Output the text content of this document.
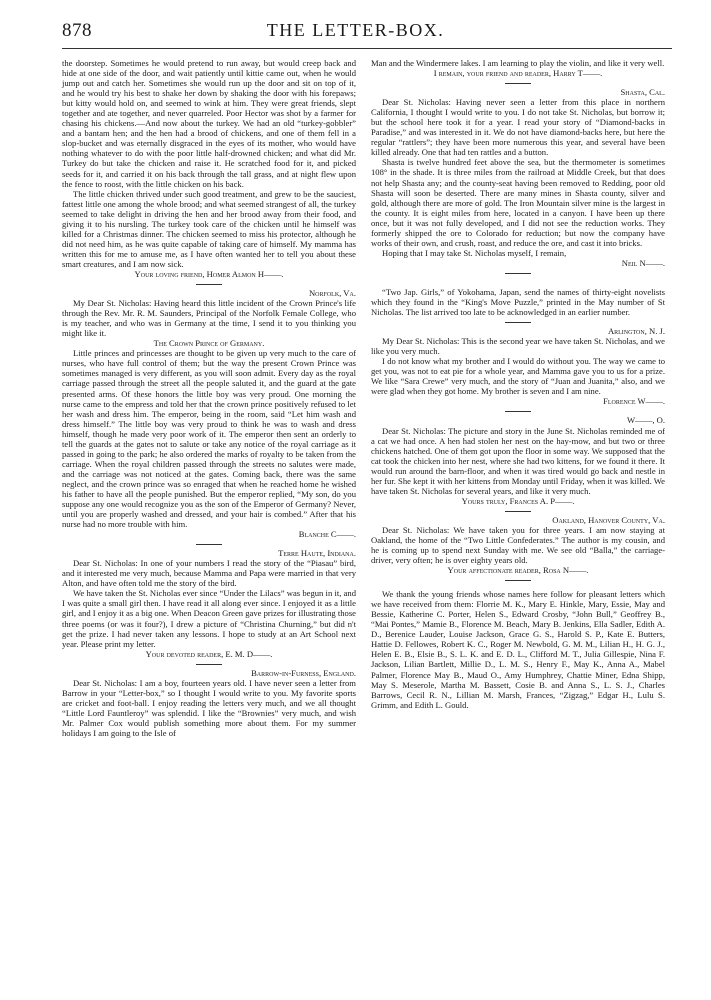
878	THE LETTER-BOX.

the doorstep. Sometimes he would pretend to run away, but would creep back and hide at one side of the door, and wait patiently until kittie came out, when he would jump out and catch her. Sometimes she would run up the door and sit on top of it, and he would try his best to shake her down by shaking the door with his forepaws; but kitty would hold on, and seemed to wink at him. They were great friends, slept together and ate together, and never quarreled. Poor Hector was shot by a farmer for chasing his chickens.—And now about the turkey. We had an old “turkey-gobbler” and a bantam hen; and the hen had a brood of chickens, and one of them fell in a slop-bucket and was eternally disgraced in the eyes of its mother, who would have nothing whatever to do with the poor little half-drowned chicken; and what did Mr. Turkey do but take the chicken and raise it. He scratched food for it, and picked seeds for it, and carried it on his back through the tall grass, and at night flew upon the fence to roost, with the little chicken on his back.

The little chicken thrived under such good treatment, and grew to be the sauciest, fattest little one among the whole brood; and what seemed strangest of all, the turkey seemed to take delight in driving the hen and her brood away from their food, and giving it to his nursling. The turkey took care of the chicken until he himself was killed for a Christmas dinner. The chicken seemed to miss his protector, although he did not need him, as he was quite capable of taking care of himself. My mamma has written this for me to amuse me, as I have often wanted her to tell you about these smart creatures, and I am now sick.

Your loving friend, Homer Almon H——.

Norfolk, Va.

My Dear St. Nicholas: Having heard this little incident of the Crown Prince's life through the Rev. Mr. R. M. Saunders, Principal of the Norfolk Female College, who is my teacher, and who was in Germany at the time, I send it to you thinking you might like it.

The Crown Prince of Germany.

Little princes and princesses are thought to be given up very much to the care of nurses, who have full control of them; but the way the present Crown Prince was sometimes managed is very different, as you will soon admit. Every day as the royal carriage passed through the street all the people saluted it, and the guard at the gate presented arms. Of these honors the little boy was very proud. One morning the nurse came to the empress and told her that the crown prince positively refused to let her wash and dress him. The emperor, being in the room, said “Let him wash and dress himself.” The little boy was very proud to think he was to wash and dress himself, though he made very poor work of it. The emperor then sent an orderly to tell the guards at the gates not to salute or take any notice of the royal carriage as it passed in going to the park; he also ordered the marks of royalty to be taken from the carriage. When the royal children passed through the streets no salutes were made, and the carriage was not noticed at the gates. Coming back, there was the same neglect, and the crown prince was so enraged that when he reached home he wished his father to have all the people punished. But the emperor replied, “My son, do you suppose any one would recognize you as the son of the Emperor of Germany? Never, until you are properly washed and dressed, and your hair is combed.” After that his nurse had no more trouble with him.

Blanche C——.

Terre Haute, Indiana.

Dear St. Nicholas: In one of your numbers I read the story of the “Piasau” bird, and it interested me very much, because Mamma and Papa were married in that very Alton, and have often told me the story of the bird.

We have taken the St. Nicholas ever since “Under the Lilacs” was begun in it, and I was quite a small girl then. I have read it all along ever since. I enjoyed it as a little girl, and I enjoy it as a big one. When Deacon Green gave prizes for illustrating those three poems (or was it four?), I drew a picture of “Christina Churning,” but did n't get the prize. I had never taken any lessons. I hope to study at an Art School next year. Please print my letter.

Your devoted reader, E. M. D——.

Barrow-in-Furness, England.

Dear St. Nicholas: I am a boy, fourteen years old. I have never seen a letter from Barrow in your “Letter-box,” so I thought I would write to you. My favorite sports are cricket and foot-ball. I enjoy reading the letters very much, and we all thought “Little Lord Fauntleroy” was splendid. I like the “Brownies” very much, and wish Mr. Palmer Cox would publish something more about them. For my summer holidays I am going to the Isle of

Man and the Windermere lakes. I am learning to play the violin, and like it very well.

I remain, your friend and reader, Harry T——.

Shasta, Cal.

Dear St. Nicholas: Having never seen a letter from this place in northern California, I thought I would write to you. I do not take St. Nicholas, but borrow it; but the school here took it for a year. I read your story of “Diamond-backs in Paradise,” and was interested in it. We do not have diamond-backs here, but here the regular “rattlers”; they have been more numerous this year, and several have been killed already. One that had ten rattles and a button.

Shasta is twelve hundred feet above the sea, but the thermometer is sometimes 108° in the shade. It is three miles from the railroad at Middle Creek, but that does not help Shasta any; and the county-seat having been removed to Redding, poor old Shasta will soon be deserted. There are many mines in Shasta county, silver and gold, although there are more of gold. The Iron Mountain silver mine is the largest in the county. It is eight miles from here, located in a canyon. I have been up there once, but it was not fully developed, and I did not see the reduction works. They formerly shipped the ore to Colorado for reduction; but now the company have works of their own, and crush, roast, and reduce the ore, and cast it into bricks.

Hoping that I may take St. Nicholas myself, I remain,

Neil N——.

“Two Jap. Girls,” of Yokohama, Japan, send the names of thirty-eight novelists which they found in the “King's Move Puzzle,” printed in the May number of St Nicholas. The list arrived too late to be acknowledged in an earlier number.

Arlington, N. J.

My Dear St. Nicholas: This is the second year we have taken St. Nicholas, and we like you very much.

I do not know what my brother and I would do without you. The way we came to get you, was not to eat pie for a whole year, and Mamma gave you to us for a prize. We like “Sara Crewe” very much, and the story of “Juan and Juanita,” also, and we were glad when they got home. My brother is seven and I am nine.

Florence W——.

W——, O.

Dear St. Nicholas: The picture and story in the June St. Nicholas reminded me of a cat we had once. A hen had stolen her nest on the hay-mow, and but two or three chickens hatched. One of them got upon the floor in some way. We supposed that the cat took the chicken into her nest, where she had two kittens, for we found it there. It would run around the barn-floor, and when it was tired would go back and nestle in her fur. She kept it with her kittens from Monday until Friday, when it was killed. We have taken St. Nicholas for several years, and like it very much.

Yours truly, Frances A. P——.

Oakland, Hanover County, Va.

Dear St. Nicholas: We have taken you for three years. I am now staying at Oakland, the home of the “Two Little Confederates.” The author is my cousin, and he is coming up to spend next Sunday with me. We see old “Balla,” the carriage-driver, very often; he is over eighty years old.

Your affectionate reader, Rosa N——.

We thank the young friends whose names here follow for pleasant letters which we have received from them: Florrie M. K., Mary E. Hinkle, Mary, Essie, May and Bessie, Katherine C. Porter, Helen S., Edward Crosby, “John Bull,” Geoffrey B., “Mai Pontes,” Mamie B., Florence M. Beach, Mary B. Jenkins, Ella Sadler, Edith A. D., Berenice Lauder, Louise Jackson, Grace G. S., Harold S. P., Kate E. Butters, Hattie D. Fellowes, Robert K. C., Roger M. Newbold, G. M. M., Lilian H., H. G. J., Helen E. B., Elsie B., S. L. K. and E. D. L., Clifford M. T., Julia Gillespie, Nina F. Jackson, Lilian Bartlett, Millie D., L. M. S., Henry F., May K., Anna A., Mabel Palmer, Florence May B., Maud O., Amy Humphrey, Chattie Miner, Edna Shipp, May S. Meserole, Martha M. Bassett, Cosie B. and Anna S., L. S. J., Charles Barrows, Cecil R. N., Lillian M. Marsh, Frances, “Zigzag,” Edgar H., Lulu S. Grimm, and Edith L. Gould.
